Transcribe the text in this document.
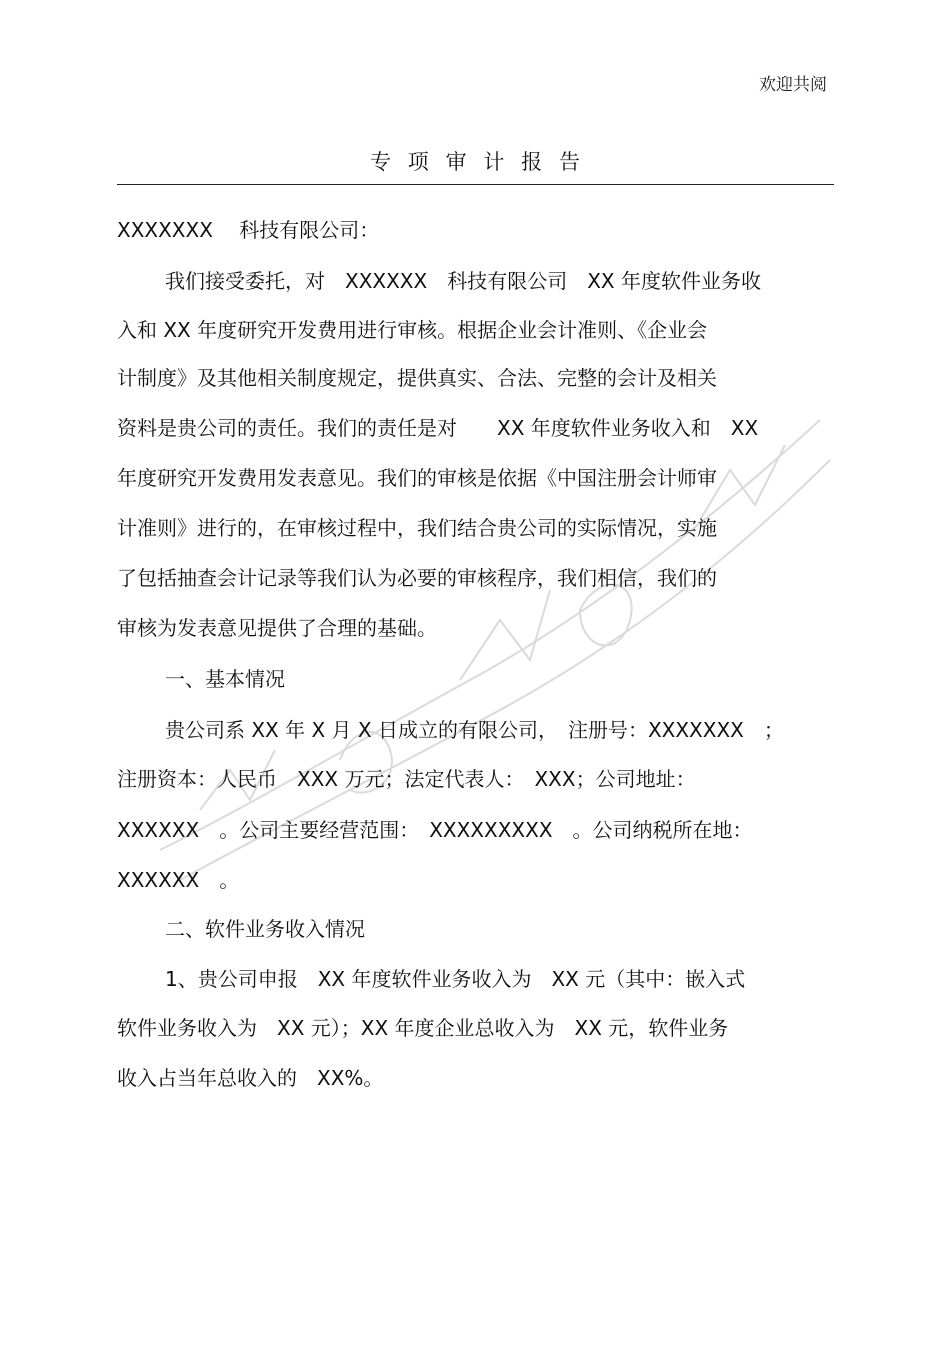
欢迎共阅
专项审计报告
XXXXXXX　 科技有限公司：
我们接受委托，对　XXXXXX　科技有限公司　XX 年度软件业务收
入和 XX 年度研究开发费用进行审核。根据企业会计准则、《企业会
计制度》及其他相关制度规定，提供真实、合法、完整的会计及相关
资料是贵公司的责任。我们的责任是对　　XX 年度软件业务收入和　XX
年度研究开发费用发表意见。我们的审核是依据《中国注册会计师审
计准则》进行的，在审核过程中，我们结合贵公司的实际情况，实施
了包括抽查会计记录等我们认为必要的审核程序，我们相信，我们的
审核为发表意见提供了合理的基础。
一、基本情况
贵公司系 XX 年 X 月 X 日成立的有限公司，　注册号：XXXXXXX　；
注册资本：人民币　XXX 万元；法定代表人：　XXX；公司地址：
XXXXXX　。公司主要经营范围：　XXXXXXXXX　。公司纳税所在地：
XXXXXX　。
二、软件业务收入情况
1、贵公司申报　XX 年度软件业务收入为　XX 元（其中：嵌入式
软件业务收入为　XX 元）；XX 年度企业总收入为　XX 元，软件业务
收入占当年总收入的　XX%。
